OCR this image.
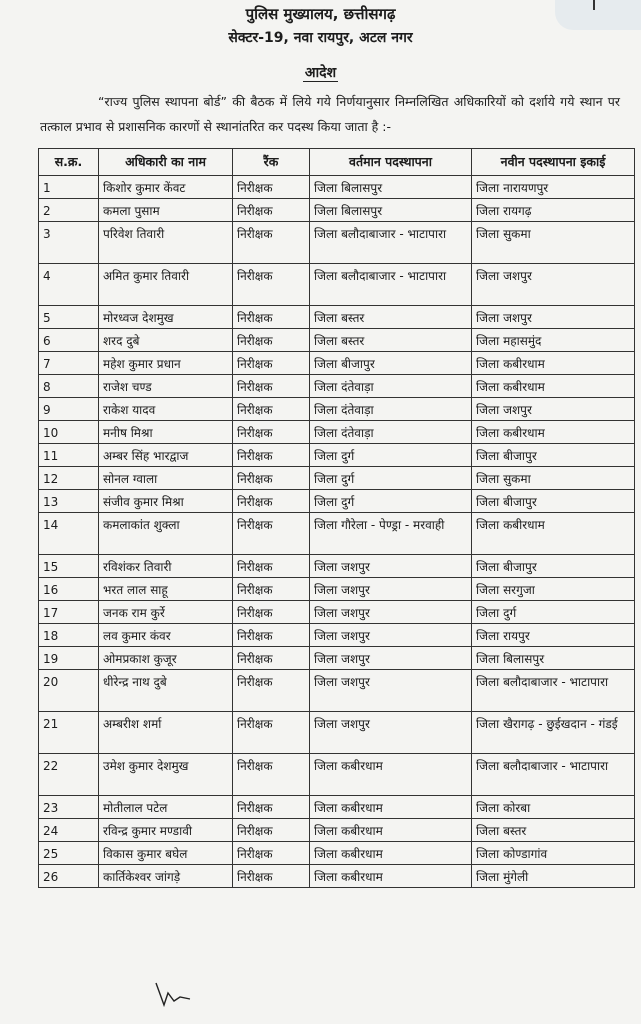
पुलिस मुख्यालय, छत्तीसगढ़
सेक्टर-19, नवा रायपुर, अटल नगर
आदेश
“राज्य पुलिस स्थापना बोर्ड” की बैठक में लिये गये निर्णयानुसार निम्नलिखित अधिकारियों को दर्शाये गये स्थान पर तत्काल प्रभाव से प्रशासनिक कारणों से स्थानांतरित कर पदस्थ किया जाता है :-
स.क्र.	अधिकारी का नाम	रैंक	वर्तमान पदस्थापना	नवीन पदस्थापना इकाई
1	किशोर कुमार केंवट	निरीक्षक	जिला बिलासपुर	जिला नारायणपुर
2	कमला पुसाम	निरीक्षक	जिला बिलासपुर	जिला रायगढ़
3	परिवेश तिवारी	निरीक्षक	जिला बलौदाबाजार - भाटापारा	जिला सुकमा
4	अमित कुमार तिवारी	निरीक्षक	जिला बलौदाबाजार - भाटापारा	जिला जशपुर
5	मोरध्वज देशमुख	निरीक्षक	जिला बस्तर	जिला जशपुर
6	शरद दुबे	निरीक्षक	जिला बस्तर	जिला महासमुंद
7	महेश कुमार प्रधान	निरीक्षक	जिला बीजापुर	जिला कबीरधाम
8	राजेश चण्ड	निरीक्षक	जिला दंतेवाड़ा	जिला कबीरधाम
9	राकेश यादव	निरीक्षक	जिला दंतेवाड़ा	जिला जशपुर
10	मनीष मिश्रा	निरीक्षक	जिला दंतेवाड़ा	जिला कबीरधाम
11	अम्बर सिंह भारद्वाज	निरीक्षक	जिला दुर्ग	जिला बीजापुर
12	सोनल ग्वाला	निरीक्षक	जिला दुर्ग	जिला सुकमा
13	संजीव कुमार मिश्रा	निरीक्षक	जिला दुर्ग	जिला बीजापुर
14	कमलाकांत शुक्ला	निरीक्षक	जिला गौरेला - पेण्ड्रा - मरवाही	जिला कबीरधाम
15	रविशंकर तिवारी	निरीक्षक	जिला जशपुर	जिला बीजापुर
16	भरत लाल साहू	निरीक्षक	जिला जशपुर	जिला सरगुजा
17	जनक राम कुर्रे	निरीक्षक	जिला जशपुर	जिला दुर्ग
18	लव कुमार कंवर	निरीक्षक	जिला जशपुर	जिला रायपुर
19	ओमप्रकाश कुजूर	निरीक्षक	जिला जशपुर	जिला बिलासपुर
20	धीरेन्द्र नाथ दुबे	निरीक्षक	जिला जशपुर	जिला बलौदाबाजार - भाटापारा
21	अम्बरीश शर्मा	निरीक्षक	जिला जशपुर	जिला खैरागढ़ - छुईखदान - गंडई
22	उमेश कुमार देशमुख	निरीक्षक	जिला कबीरधाम	जिला बलौदाबाजार - भाटापारा
23	मोतीलाल पटेल	निरीक्षक	जिला कबीरधाम	जिला कोरबा
24	रविन्द्र कुमार मण्डावी	निरीक्षक	जिला कबीरधाम	जिला बस्तर
25	विकास कुमार बघेल	निरीक्षक	जिला कबीरधाम	जिला कोण्डागांव
26	कार्तिकेश्वर जांगड़े	निरीक्षक	जिला कबीरधाम	जिला मुंगेली
